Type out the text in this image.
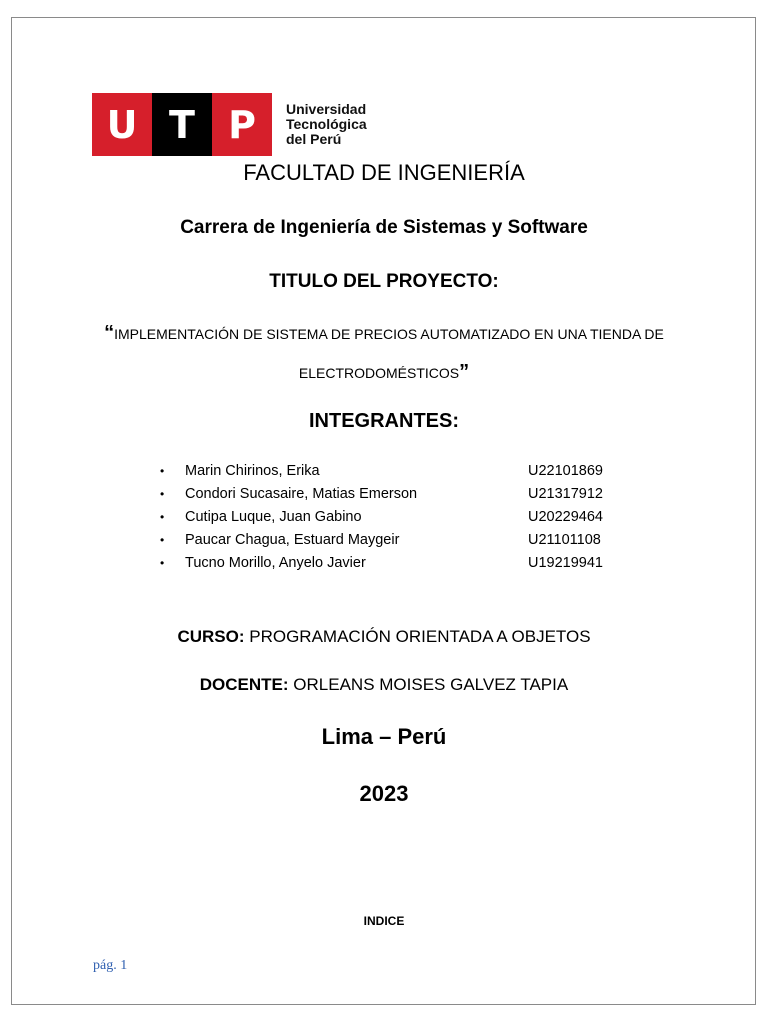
U T P	Universidad
Tecnológica
del Perú
FACULTAD DE INGENIERÍA
Carrera de Ingeniería de Sistemas y Software
TITULO DEL PROYECTO:
“IMPLEMENTACIÓN DE SISTEMA DE PRECIOS AUTOMATIZADO EN UNA TIENDA DE ELECTRODOMÉSTICOS”
INTEGRANTES:
• Marin Chirinos, Erika	U22101869
• Condori Sucasaire, Matias Emerson	U21317912
• Cutipa Luque, Juan Gabino	U20229464
• Paucar Chagua, Estuard Maygeir	U21101108
• Tucno Morillo, Anyelo Javier	U19219941
CURSO: PROGRAMACIÓN ORIENTADA A OBJETOS
DOCENTE: ORLEANS MOISES GALVEZ TAPIA
Lima – Perú
2023
INDICE
pág. 1
